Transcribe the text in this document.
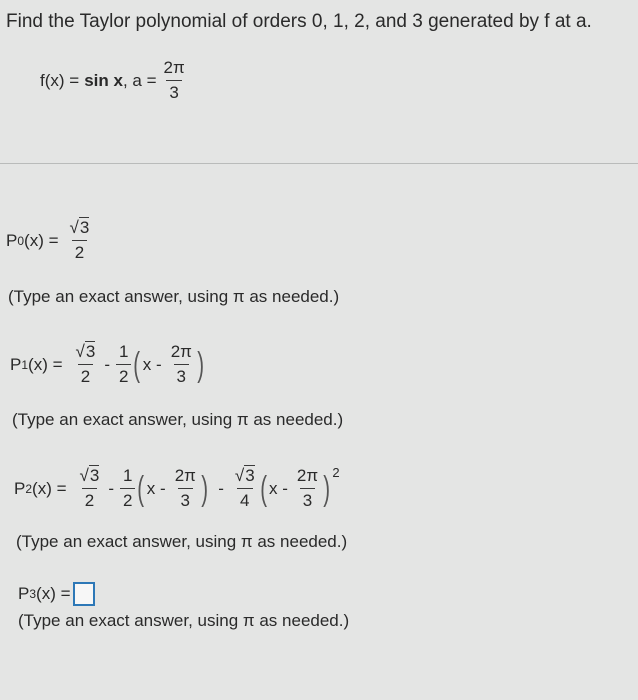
Find the Taylor polynomial of orders 0, 1, 2, and 3 generated by f at a.
f(x) = sin x , $a = \frac{2\pi}{3}$
P 0 $(x) = \frac{√3}{2}$
(Type an exact answer, using π as needed.)
P 1 $(x) = \frac{√3}{2} - \frac{1}{2}$ ( x - $\frac{2\pi}{3}$ )
(Type an exact answer, using π as needed.)
P 2 $(x) = \frac{√3}{2} - \frac{1}{2}$ ( x - $\frac{2\pi}{3}$ ) - $\frac{√3}{4}$ ( x - $\frac{2\pi}{3}$ ) 2
(Type an exact answer, using π as needed.)
P 3 (x) =
(Type an exact answer, using π as needed.)
